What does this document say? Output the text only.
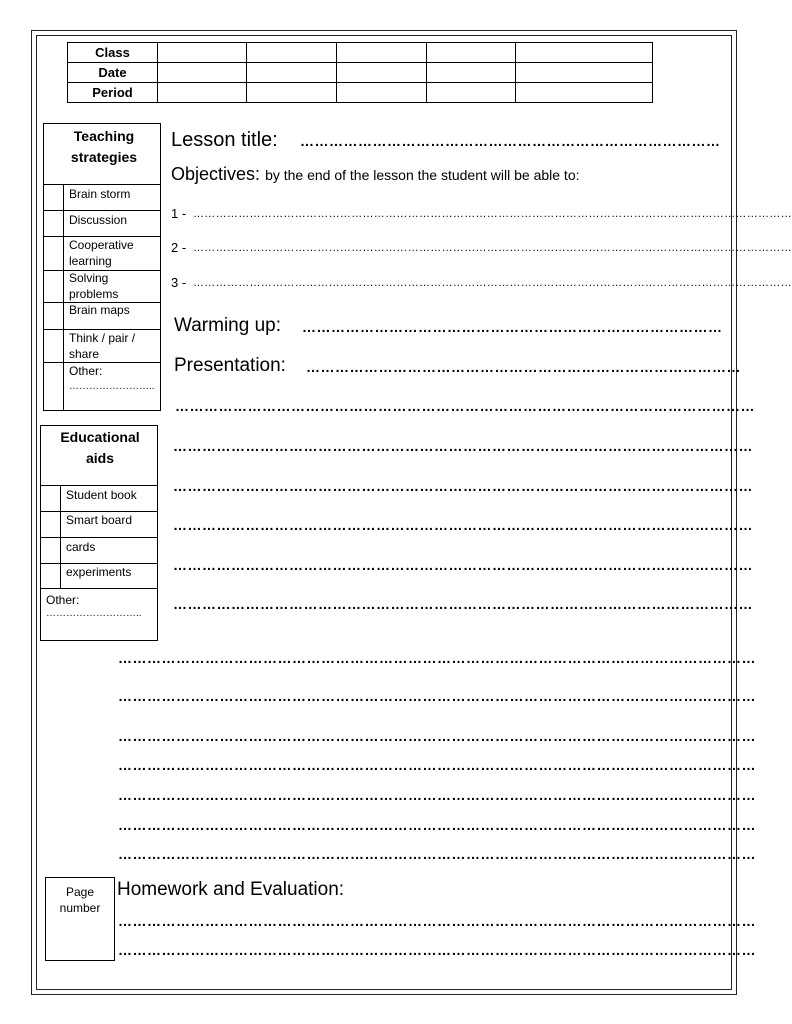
Class					
Date					
Period					
Teaching strategies
Brain storm
Discussion
Cooperative learning
Solving problems
Brain maps
Think / pair / share
Other:
……………………..
Educational aids
Student book
Smart board
cards
experiments
Other:
………………………..
Lesson title: ……………………………………………………………………………
Objectives: by the end of the lesson the student will be able to:
1 - ……………………………………………………………………………………………………………………………………………
2 - ……………………………………………………………………………………………………………………………………………
3 - ……………………………………………………………………………………………………………………………………………
Warming up: ……………………………………………………………………………
Presentation: ………………………………………………………………………………
…………………………………………………………………………………………………………
…………………………………………………………………………………………………………
…………………………………………………………………………………………………………
…………………………………………………………………………………………………………
…………………………………………………………………………………………………………
…………………………………………………………………………………………………………
……………………………………………………………………………………………………………………
……………………………………………………………………………………………………………………
……………………………………………………………………………………………………………………
……………………………………………………………………………………………………………………
……………………………………………………………………………………………………………………
……………………………………………………………………………………………………………………
……………………………………………………………………………………………………………………
Page number
Homework and Evaluation:
……………………………………………………………………………………………………………………
……………………………………………………………………………………………………………………
